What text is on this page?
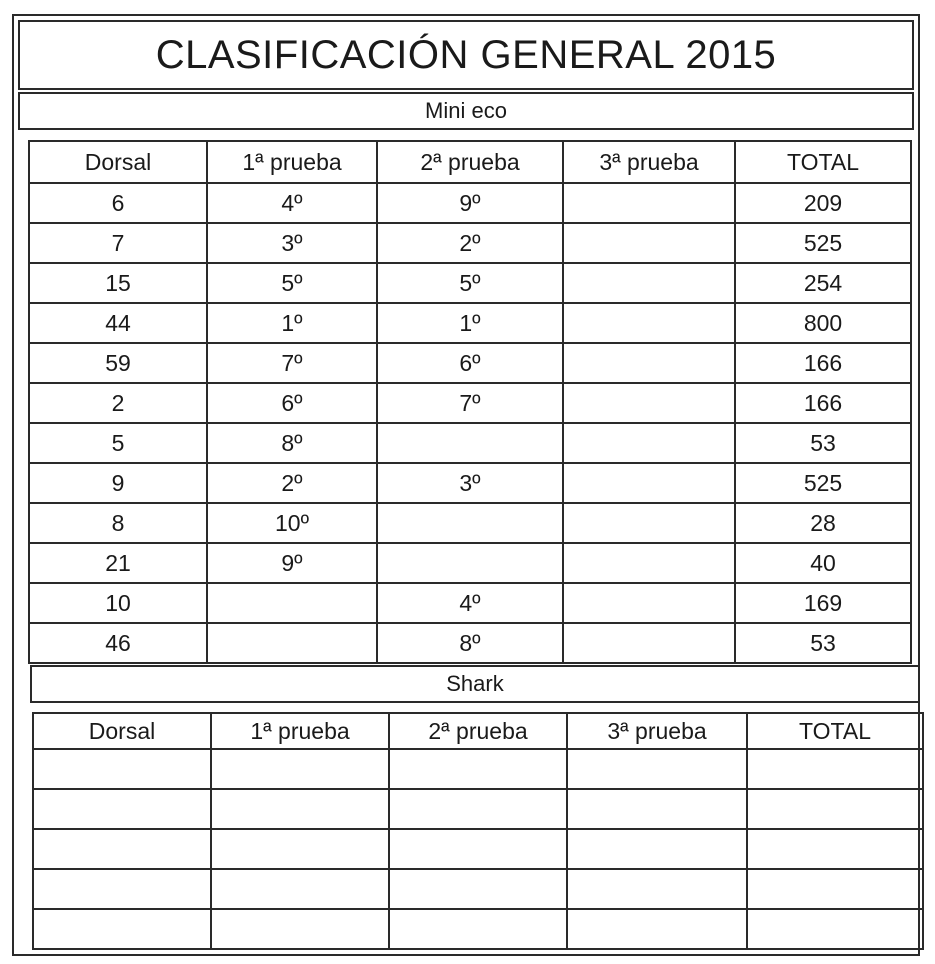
CLASIFICACIÓN GENERAL 2015
Mini eco
Dorsal	1ª prueba	2ª prueba	3ª prueba	TOTAL
6	4º	9º		209
7	3º	2º		525
15	5º	5º		254
44	1º	1º		800
59	7º	6º		166
2	6º	7º		166
5	8º			53
9	2º	3º		525
8	10º			28
21	9º			40
10		4º		169
46		8º		53
Shark
Dorsal	1ª prueba	2ª prueba	3ª prueba	TOTAL
